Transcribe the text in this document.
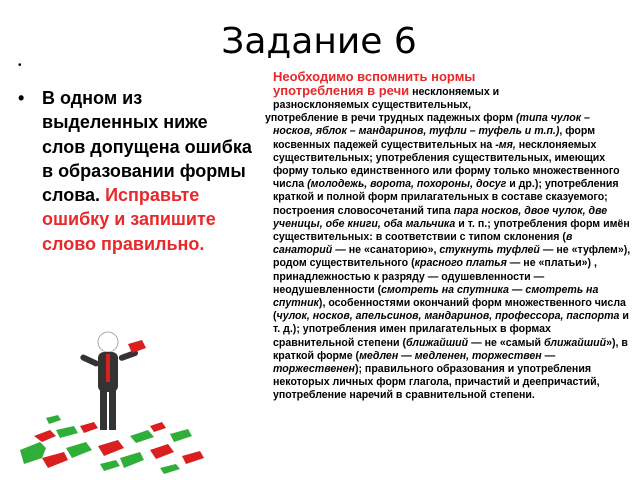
Задание 6
•
• В одном из выделенных ниже слов допущена ошибка в образовании формы слова. Исправьте ошибку и запишите слово правильно.
Необходимо вспомнить нормы
употребления в речи несклоняемых и
разносклоняемых существительных,

употребление в речи трудных падежных форм (типа чулок – носков, яблок – мандаринов, туфли – туфель и т.п.), форм косвенных падежей существительных на -мя, несклоняемых существительных; употребления существительных, имеющих форму только единственного или форму только множественного числа (молодежь, ворота, похороны, досуг и др.); употребления краткой и полной форм прилагательных в составе сказуемого; построения словосочетаний типа пара носков, двое чулок, две ученицы, обе книги, оба мальчика и т. п.; употребления форм имён существительных: в соответствии с типом склонения (в санаторий — не «санаторию», стукнуть туфлей — не «туфлем»), родом существительного (красного платья — не «платьи») , принадлежностью к разряду — одушевленности — неодушевленности (смотреть на спутника — смотреть на спутник), особенностями окончаний форм множественного числа (чулок, носков, апельсинов, мандаринов, профессора, паспорта и т. д.); употребления имен прилагательных в формах сравнительной степени (ближайший — не «самый ближайший»), в краткой форме (медлен — медленен, торжествен — торжественен); правильного образования и употребления некоторых личных форм глагола, причастий и деепричастий, употребление наречий в сравнительной степени.
